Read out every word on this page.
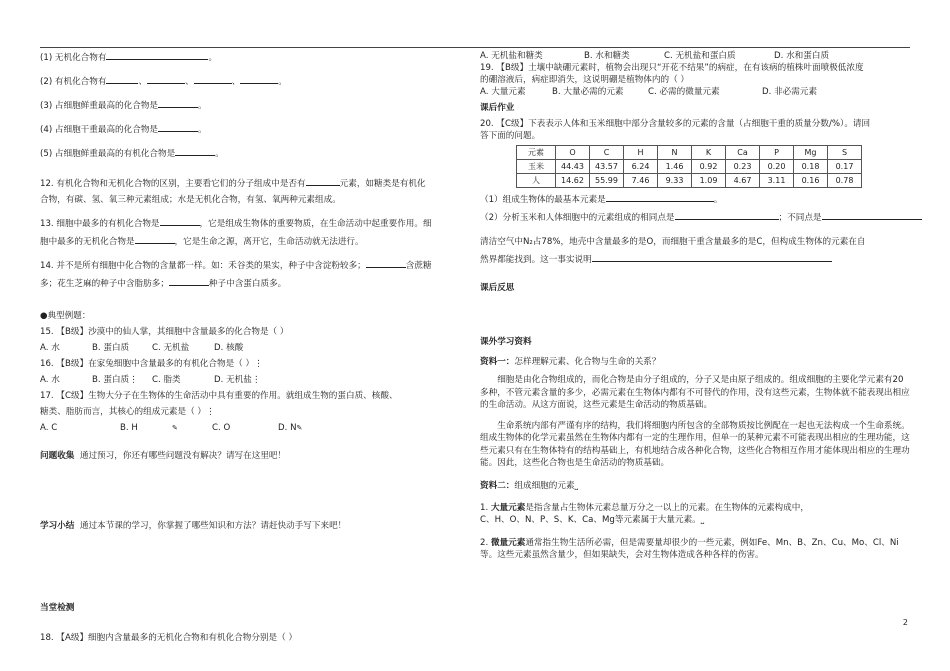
(1) 无机化合物有	。
(2) 有机化合物有	、	、	、	。
(3) 占细胞鲜重最高的化合物是	。
(4) 占细胞干重最高的化合物是	。
(5) 占细胞鲜重最高的有机化合物是	。
12. 有机化合物和无机化合物的区别，主要看它们的分子组成中是否有	元素，如糖类是有机化
合物，有碳、氢、氧三种元素组成；水是无机化合物，有氢、氧两种元素组成。
13. 细胞中最多的有机化合物是	，它是组成生物体的重要物质，在生命活动中起重要作用。细
胞中最多的无机化合物是	，它是生命之源，离开它，生命活动就无法进行。
14. 并不是所有细胞中化合物的含量都一样。如：禾谷类的果实，种子中含淀粉较多；	含蔗糖
多；花生芝麻的种子中含脂肪多；	种子中含蛋白质多。
●典型例题：
15. 【B级】沙漠中的仙人掌，其细胞中含量最多的化合物是（ ）
A. 水	B. 蛋白质	C. 无机盐	D. 核酸
16. 【B级】在家兔细胞中含量最多的有机化合物是（ ）⋮
A. 水	B. 蛋白质⋮ C. 脂类	D. 无机盐⋮
17. 【C级】生物大分子在生物体的生命活动中具有重要的作用。就组成生物的蛋白质、核酸、
糖类、脂肪而言，其核心的组成元素是（ ）⋮
A. C	B. H	✎	C. O	D. N✎
问题收集 通过预习，你还有哪些问题没有解决？请写在这里吧！
学习小结 通过本节课的学习，你掌握了哪些知识和方法？请赶快动手写下来吧！
当堂检测
18. 【A级】细胞内含量最多的无机化合物和有机化合物分别是（ ）
A. 无机盐和糖类	B. 水和糖类	C. 无机盐和蛋白质	D. 水和蛋白质
19. 【B级】土壤中缺硼元素时，植物会出现只“开花不结果”的病症，在有该病的植株叶面喷极低浓度
的硼溶液后，病症即消失，这说明硼是植物体内的（ ）
A. 大量元素	B. 大量必需的元素	C. 必需的微量元素	D. 非必需元素
课后作业
20. 【C级】下表表示人体和玉米细胞中部分含量较多的元素的含量（占细胞干重的质量分数/%）。请回
答下面的问题。
元素	O	C	H	N	K	Ca	P	Mg	S
玉米	44.43	43.57	6.24	1.46	0.92	0.23	0.20	0.18	0.17
人	14.62	55.99	7.46	9.33	1.09	4.67	3.11	0.16	0.78
（1）组成生物体的最基本元素是	。
（2）分析玉米和人体细胞中的元素组成的相同点是	；不同点是
清洁空气中N₂占78%，地壳中含量最多的是O，而细胞干重含量最多的是C，但构成生物体的元素在自
然界都能找到。这一事实说明
课后反思
课外学习资料
资料一：怎样理解元素、化合物与生命的关系？
细胞是由化合物组成的，而化合物是由分子组成的，分子又是由原子组成的。组成细胞的主要化学元素有20多种，不管元素含量的多少，必需元素在生物体内都有不可替代的作用，没有这些元素，生物体就不能表现出相应的生命活动。从这方面说，这些元素是生命活动的物质基础。
生命系统内部有严谨有序的结构，我们将细胞内所包含的全部物质按比例配在一起也无法构成一个生命系统。组成生物体的化学元素虽然在生物体内都有一定的生理作用，但单一的某种元素不可能表现出相应的生理功能，这些元素只有在生物体特有的结构基础上，有机地结合成各种化合物，这些化合物相互作用才能体现出相应的生理功能。因此，这些化合物也是生命活动的物质基础。
资料二：组成细胞的元素⎵
1. 大量元素是指含量占生物体元素总量万分之一以上的元素。在生物体的元素构成中，
C、H、O、N、P、S、K、Ca、Mg等元素属于大量元素。⎵
2. 微量元素通常指生物生活所必需，但是需要量却很少的一些元素，例如Fe、Mn、B、Zn、Cu、Mo、Cl、Ni
等。这些元素虽然含量少，但如果缺失，会对生物体造成各种各样的伤害。
2
